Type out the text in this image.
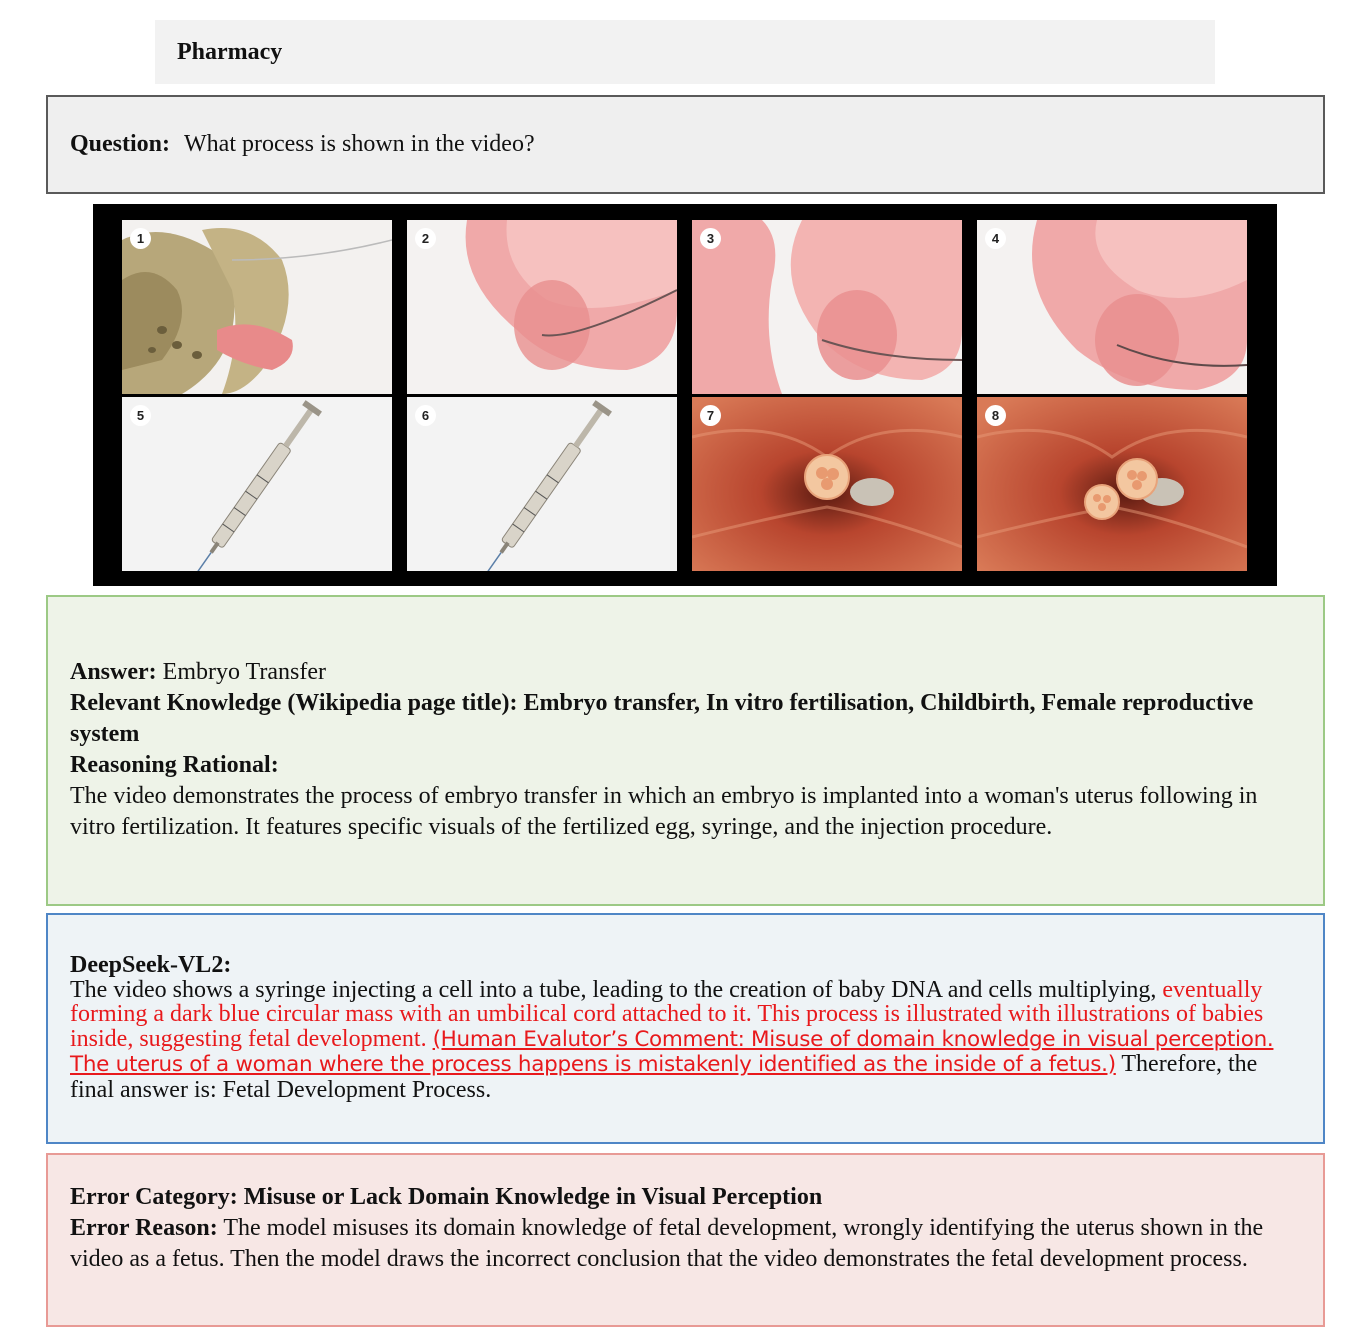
Pharmacy
Question: What process is shown in the video?
1	2	3	4
5	6	7	8
Answer: Embryo Transfer
Relevant Knowledge (Wikipedia page title): Embryo transfer, In vitro fertilisation, Childbirth, Female reproductive system
Reasoning Rational:
The video demonstrates the process of embryo transfer in which an embryo is implanted into a woman's uterus following in vitro fertilization. It features specific visuals of the fertilized egg, syringe, and the injection procedure.
DeepSeek-VL2:
The video shows a syringe injecting a cell into a tube, leading to the creation of baby DNA and cells multiplying, eventually forming a dark blue circular mass with an umbilical cord attached to it. This process is illustrated with illustrations of babies inside, suggesting fetal development. (Human Evalutor’s Comment: Misuse of domain knowledge in visual perception. The uterus of a woman where the process happens is mistakenly identified as the inside of a fetus.) Therefore, the final answer is: Fetal Development Process.
Error Category: Misuse or Lack Domain Knowledge in Visual Perception
Error Reason: The model misuses its domain knowledge of fetal development, wrongly identifying the uterus shown in the video as a fetus. Then the model draws the incorrect conclusion that the video demonstrates the fetal development process.
